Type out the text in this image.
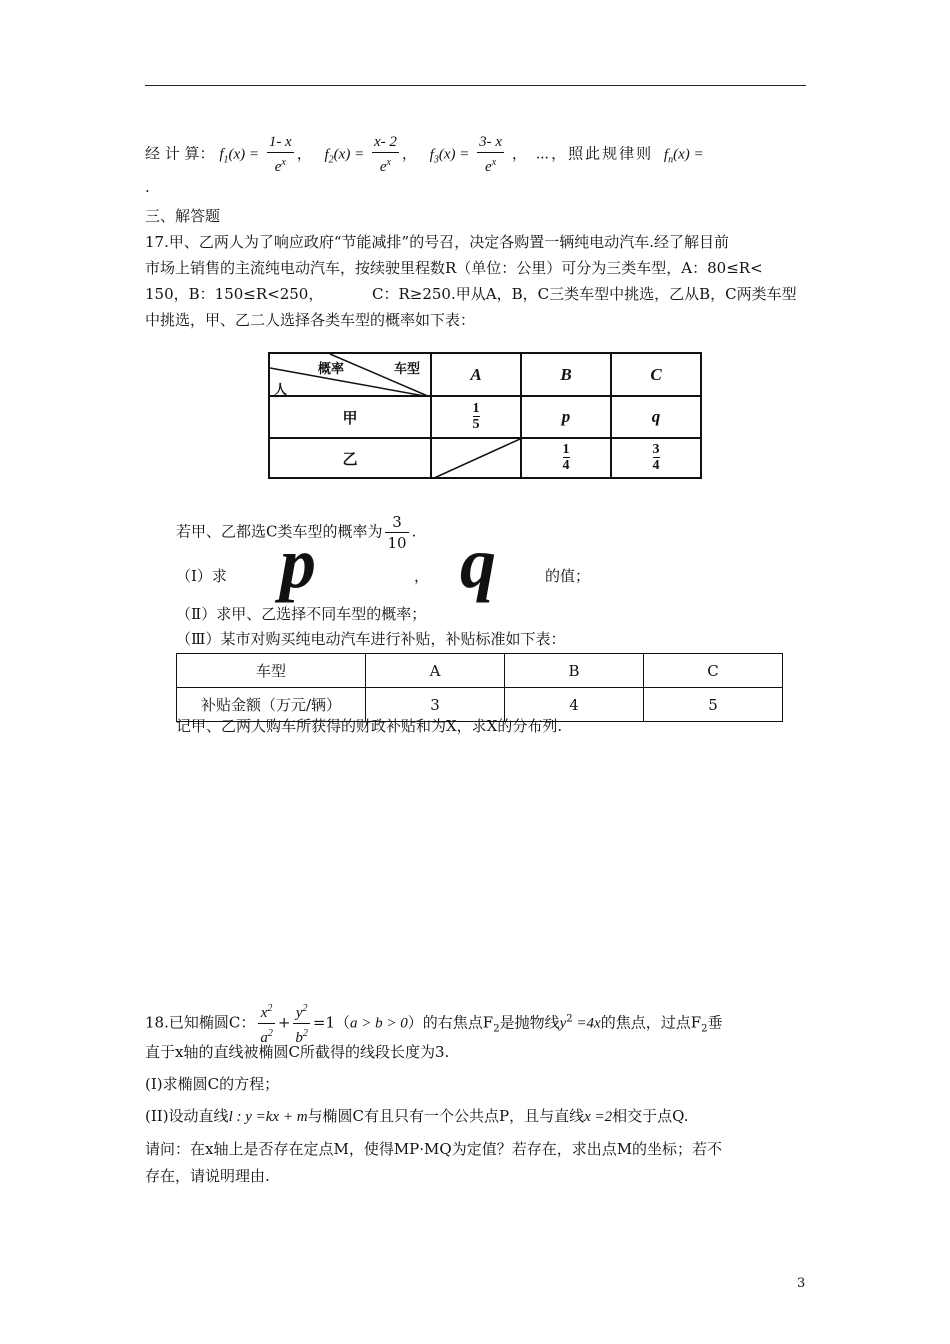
经 计 算： $f_1(x) = \frac{1- x}{e^x}$ ， $f_2(x) = \frac{x- 2}{e^x}$ ， $f_3(x) = \frac{3- x}{e^x}$ ， ⋯，照此规律则 $f_n(x)$ =
.
三、解答题
17.甲、乙两人为了响应政府“节能减排”的号召，决定各购置一辆纯电动汽车.经了解目前
市场上销售的主流纯电动汽车，按续驶里程数R（单位：公里）可分为三类车型，A：80≤R<
150，B：150≤R<250，	C：R≥250.甲从A，B，C三类车型中挑选，乙从B，C两类车型
中挑选，甲、乙二人选择各类车型的概率如下表：
概率 车型
人	A	B	C
甲	$\frac{1}{5}$	p	q
乙		$\frac{1}{4}$	$\frac{3}{4}$
若甲、乙都选C类车型的概率为 $\frac{3}{10}$ .
（Ⅰ）求 p	， q	的值；
（Ⅱ）求甲、乙选择不同车型的概率；
（Ⅲ）某市对购买纯电动汽车进行补贴，补贴标准如下表：
车型	A	B	C
补贴金额（万元/辆）	3	4	5
记甲、乙两人购车所获得的财政补贴和为X，求X的分布列.
18.已知椭圆C： $\frac{x^2}{a^2} + \frac{y^2}{b^2} =1(a > b > 0)$的右焦点$F_2$是抛物线$y^2 =4x$的焦点，过点$F_2$垂
直于x轴的直线被椭圆C所截得的线段长度为3.
(I)求椭圆C的方程；
(II)设动直线l : y =kx + m与椭圆C有且只有一个公共点P，且与直线x =2相交于点Q.
请问：在x轴上是否存在定点M，使得MP·MQ为定值？若存在，求出点M的坐标；若不
存在，请说明理由.
3
